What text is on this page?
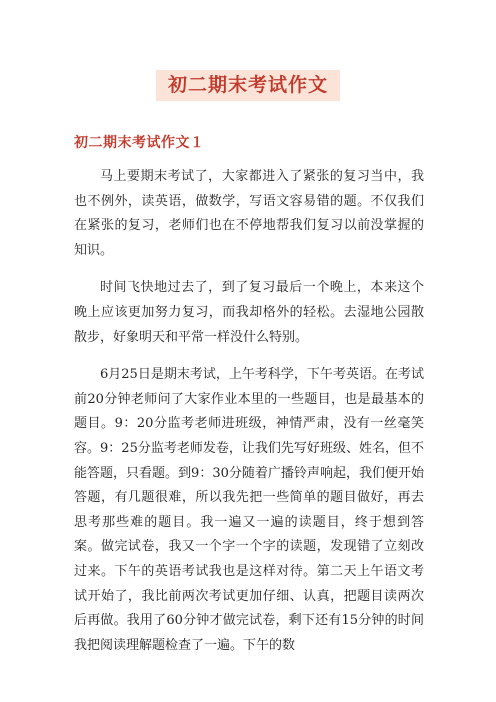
初二期末考试作文
初二期末考试作文１

马上要期末考试了，大家都进入了紧张的复习当中，我也不例外，读英语，做数学，写语文容易错的题。不仅我们在紧张的复习，老师们也在不停地帮我们复习以前没掌握的知识。

时间飞快地过去了，到了复习最后一个晚上，本来这个晚上应该更加努力复习，而我却格外的轻松。去湿地公园散散步，好象明天和平常一样没什么特别。

6月25日是期末考试，上午考科学，下午考英语。在考试前20分钟老师问了大家作业本里的一些题目，也是最基本的题目。9：20分监考老师进班级，神情严肃，没有一丝毫笑容。9：25分监考老师发卷，让我们先写好班级、姓名，但不能答题，只看题。到9：30分随着广播铃声响起，我们便开始答题，有几题很难，所以我先把一些简单的题目做好，再去思考那些难的题目。我一遍又一遍的读题目，终于想到答案。做完试卷，我又一个字一个字的读题，发现错了立刻改过来。下午的英语考试我也是这样对待。第二天上午语文考试开始了，我比前两次考试更加仔细、认真，把题目读两次后再做。我用了60分钟才做完试卷，剩下还有15分钟的时间我把阅读理解题检查了一遍。下午的数
